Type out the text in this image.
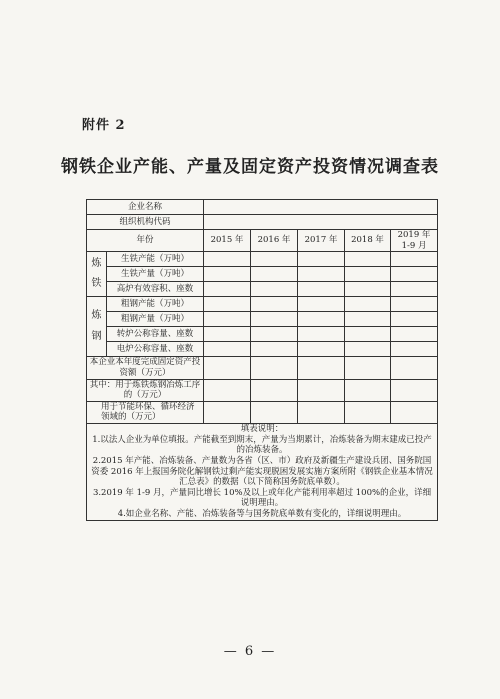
附件 2
钢铁企业产能、产量及固定资产投资情况调查表
企业名称						
组织机构代码						
年份		2015 年	2016 年	2017 年	2018 年	2019 年 1-9 月

炼
铁	生铁产能（万吨）					
	生铁产量（万吨）					
	高炉有效容积、座数					

炼
钢	粗钢产能（万吨）					
	粗钢产量（万吨）					
	转炉公称容量、座数					
	电炉公称容量、座数					
本企业本年度完成固定资产投资额（万元）						
其中：用于炼铁炼钢冶炼工序的（万元）						
用于节能环保、循环经济领域的（万元）						

填表说明：
1.以法人企业为单位填报。产能截至到期末，产量为当期累计，冶炼装备为期末建成已投产的冶炼装备。
2.2015 年产能、冶炼装备、产量数为各省（区、市）政府及新疆生产建设兵团、国务院国资委 2016 年上报国务院化解钢铁过剩产能实现脱困发展实施方案所附《钢铁企业基本情况汇总表》的数据（以下简称国务院底单数）。
3.2019 年 1-9 月，产量同比增长 10%及以上或年化产能利用率超过 100%的企业，详细说明理由。
4.如企业名称、产能、冶炼装备等与国务院底单数有变化的，详细说明理由。						
— 6 —
